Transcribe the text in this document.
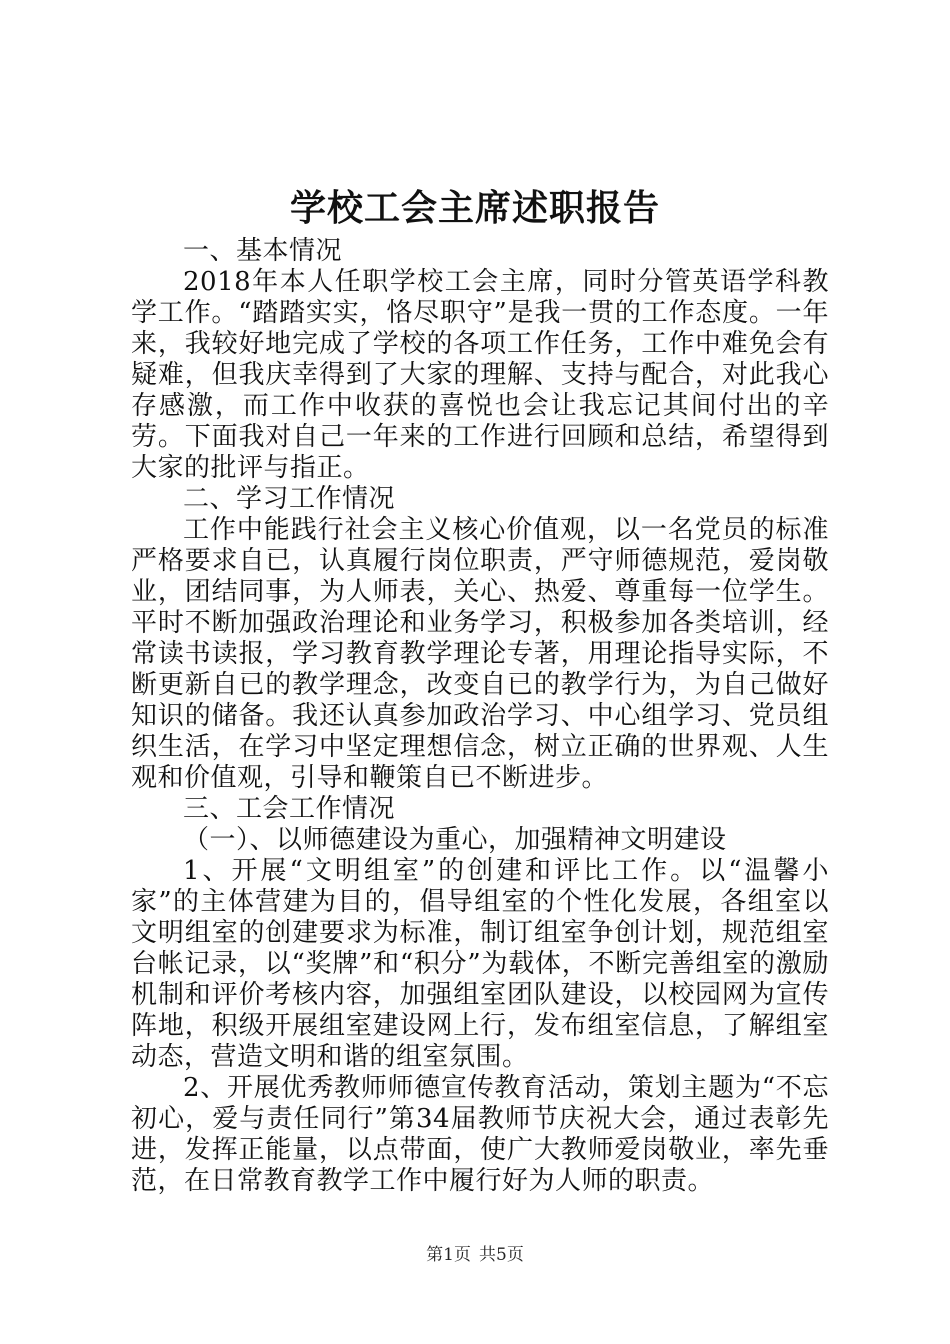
学校工会主席述职报告

一、基本情况

2018年本人任职学校工会主席，同时分管英语学科教学工作。“踏踏实实，恪尽职守”是我一贯的工作态度。一年来，我较好地完成了学校的各项工作任务，工作中难免会有疑难，但我庆幸得到了大家的理解、支持与配合，对此我心存感激，而工作中收获的喜悦也会让我忘记其间付出的辛劳。下面我对自己一年来的工作进行回顾和总结，希望得到大家的批评与指正。

二、学习工作情况

工作中能践行社会主义核心价值观，以一名党员的标准严格要求自已，认真履行岗位职责，严守师德规范，爱岗敬业，团结同事，为人师表，关心、热爱、尊重每一位学生。平时不断加强政治理论和业务学习，积极参加各类培训，经常读书读报，学习教育教学理论专著，用理论指导实际，不断更新自已的教学理念，改变自已的教学行为，为自己做好知识的储备。我还认真参加政治学习、中心组学习、党员组织生活，在学习中坚定理想信念，树立正确的世界观、人生观和价值观，引导和鞭策自已不断进步。

三、工会工作情况

（一）、以师德建设为重心，加强精神文明建设

1、开展“文明组室”的创建和评比工作。以“温馨小家”的主体营建为目的，倡导组室的个性化发展，各组室以文明组室的创建要求为标准，制订组室争创计划，规范组室台帐记录，以“奖牌”和“积分”为载体，不断完善组室的激励机制和评价考核内容，加强组室团队建设，以校园网为宣传阵地，积级开展组室建设网上行，发布组室信息，了解组室动态，营造文明和谐的组室氛围。

2、开展优秀教师师德宣传教育活动，策划主题为“不忘初心，爱与责任同行”第34届教师节庆祝大会，通过表彰先进，发挥正能量，以点带面，使广大教师爱岗敬业，率先垂范，在日常教育教学工作中履行好为人师的职责。

第1页 共5页
